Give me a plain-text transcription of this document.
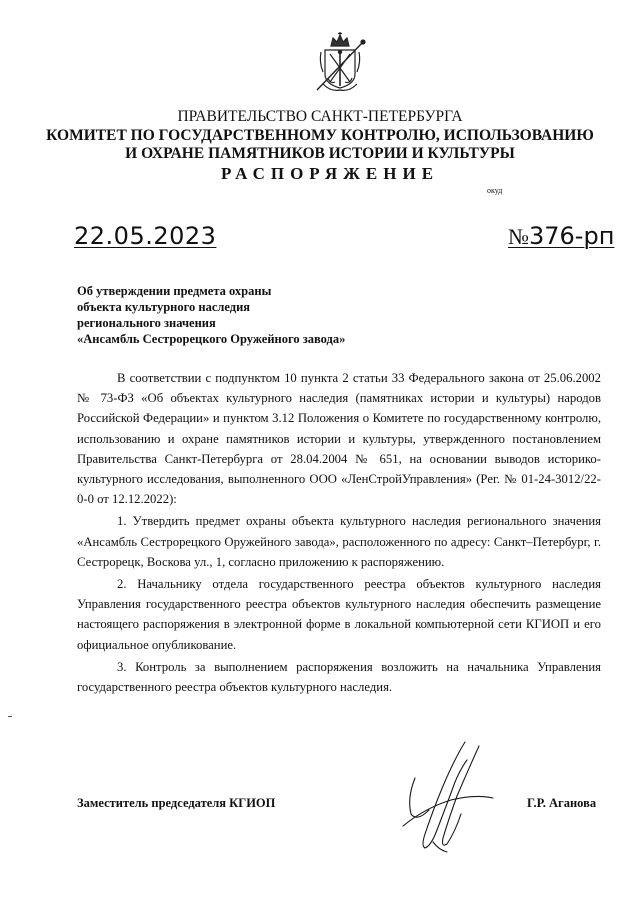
ПРАВИТЕЛЬСТВО САНКТ-ПЕТЕРБУРГА
КОМИТЕТ ПО ГОСУДАРСТВЕННОМУ КОНТРОЛЮ, ИСПОЛЬЗОВАНИЮ
И ОХРАНЕ ПАМЯТНИКОВ ИСТОРИИ И КУЛЬТУРЫ
РАСПОРЯЖЕНИЕ
окуд
22.05.2023	№376-рп
Об утверждении предмета охраны
объекта культурного наследия
регионального значения
«Ансамбль Сестрорецкого Оружейного завода»

В соответствии с подпунктом 10 пункта 2 статьи 33 Федерального закона от 25.06.2002 № 73-ФЗ «Об объектах культурного наследия (памятниках истории и культуры) народов Российской Федерации» и пунктом 3.12 Положения о Комитете по государственному контролю, использованию и охране памятников истории и культуры, утвержденного постановлением Правительства Санкт-Петербурга от 28.04.2004 № 651, на основании выводов историко-культурного исследования, выполненного ООО «ЛенСтройУправления» (Рег. № 01-24-3012/22-0-0 от 12.12.2022):

1. Утвердить предмет охраны объекта культурного наследия регионального значения «Ансамбль Сестрорецкого Оружейного завода», расположенного по адресу: Санкт–Петербург, г. Сестрорецк, Воскова ул., 1, согласно приложению к распоряжению.

2. Начальнику отдела государственного реестра объектов культурного наследия Управления государственного реестра объектов культурного наследия обеспечить размещение настоящего распоряжения в электронной форме в локальной компьютерной сети КГИОП и его официальное опубликование.

3. Контроль за выполнением распоряжения возложить на начальника Управления государственного реестра объектов культурного наследия.

Заместитель председателя КГИОП	Г.Р. Аганова
